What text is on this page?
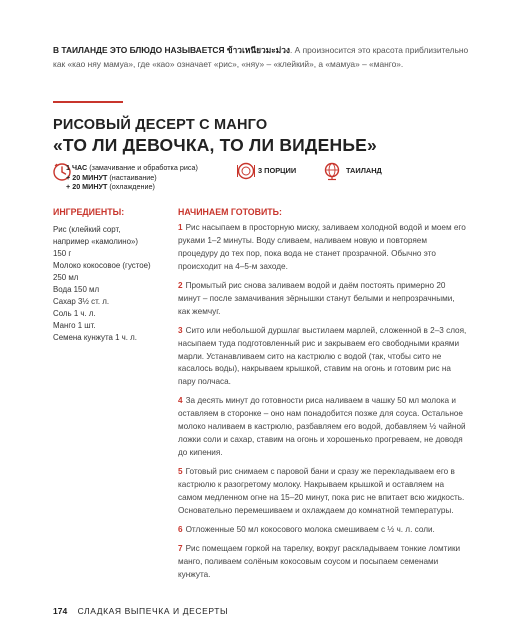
В ТАИЛАНДЕ ЭТО БЛЮДО НАЗЫВАЕТСЯ ข้าวเหนียวมะม่วง. А произносится это красота приблизительно как «као няу мамуа», где «кao» означает «рис», «няу» – «клейкий», а «мамуа» – «манго».
РИСОВЫЙ ДЕСЕРТ С МАНГО
«ТО ЛИ ДЕВОЧКА, ТО ЛИ ВИДЕНЬЕ»
1 ЧАС (замачивание и обработка риса)
+ 20 МИНУТ (настаивание)
+ 20 МИНУТ (охлаждение)
3 ПОРЦИИ	ТАИЛАНД
ИНГРЕДИЕНТЫ:	НАЧИНАЕМ ГОТОВИТЬ:
Рис (клейкий сорт,
например «камолино»)
150 г
Молоко кокосовое (густое)
250 мл
Вода 150 мл
Сахар 3½ ст. л.
Соль 1 ч. л.
Манго 1 шт.
Семена кунжута 1 ч. л.

1 Рис насыпаем в просторную миску, заливаем холодной водой и моем его руками 1–2 минуты. Воду сливаем, наливаем новую и повторяем процедуру до тех пор, пока вода не станет прозрачной. Обычно это происходит на 4–5-м заходе.

2 Промытый рис снова заливаем водой и даём постоять примерно 20 минут – после замачивания зёрнышки станут белыми и непрозрачными, как жемчуг.

3 Сито или небольшой дуршлаг выстилаем марлей, сложенной в 2–3 слоя, насыпаем туда подготовленный рис и закрываем его свободными краями марли. Устанавливаем сито на кастрюлю с водой (так, чтобы сито не касалось воды), накрываем крышкой, ставим на огонь и готовим рис на пару полчаса.

4 За десять минут до готовности риса наливаем в чашку 50 мл молока и оставляем в сторонке – оно нам понадобится позже для соуса. Остальное молоко наливаем в кастрюлю, разбавляем его водой, добавляем ½ чайной ложки соли и сахар, ставим на огонь и хорошенько прогреваем, не доводя до кипения.

5 Готовый рис снимаем с паровой бани и сразу же перекладываем его в кастрюлю к разогретому молоку. Накрываем крышкой и оставляем на самом медленном огне на 15–20 минут, пока рис не впитает всю жидкость. Основательно перемешиваем и охлаждаем до комнатной температуры.

6 Отложенные 50 мл кокосового молока смешиваем с ½ ч. л. соли.

7 Рис помещаем горкой на тарелку, вокруг раскладываем тонкие ломтики манго, поливаем солёным кокосовым соусом и посыпаем семенами кунжута.

174 СЛАДКАЯ ВЫПЕЧКА И ДЕСЕРТЫ
